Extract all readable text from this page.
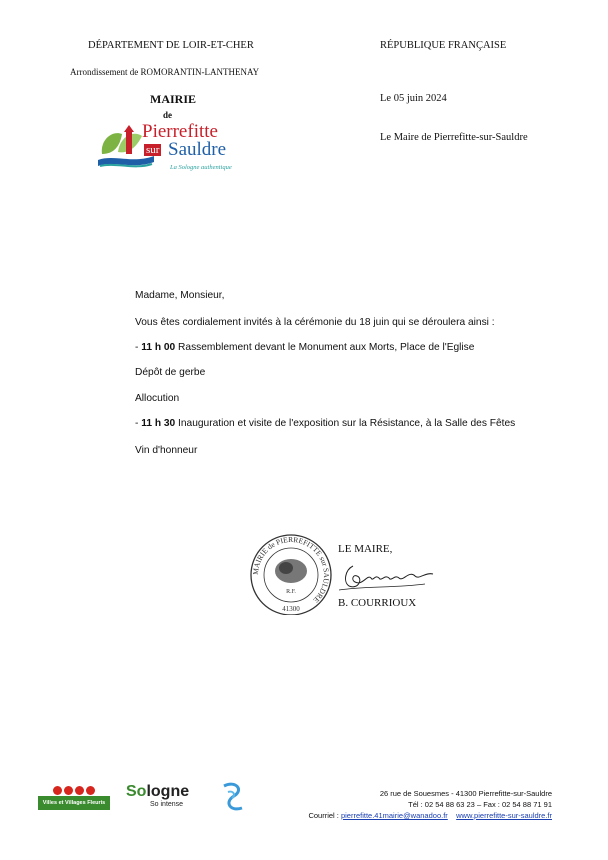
DÉPARTEMENT DE LOIR-ET-CHER
Arrondissement de ROMORANTIN-LANTHENAY
MAIRIE
de
RÉPUBLIQUE FRANÇAISE
Le 05 juin 2024
Le Maire de Pierrefitte-sur-Sauldre
Pierrefitte
sur Sauldre
La Sologne authentique
Madame, Monsieur,
Vous êtes cordialement invités à la cérémonie du 18 juin qui se déroulera ainsi :
- 11 h 00 Rassemblement devant le Monument aux Morts, Place de l'Eglise
Dépôt de gerbe
Allocution
- 11 h 30 Inauguration et visite de l'exposition sur la Résistance, à la Salle des Fêtes
Vin d'honneur
MAIRIE de PIERREFITTE sur SAULDRE
R.F.
41300
LE MAIRE,
B. COURRIOUX
Villes et Villages Fleuris
Sologne
So intense
26 rue de Souesmes - 41300 Pierrefitte-sur-Sauldre
Tél : 02 54 88 63 23 – Fax : 02 54 88 71 91
Courriel : pierrefitte.41mairie@wanadoo.fr www.pierrefitte-sur-sauldre.fr
